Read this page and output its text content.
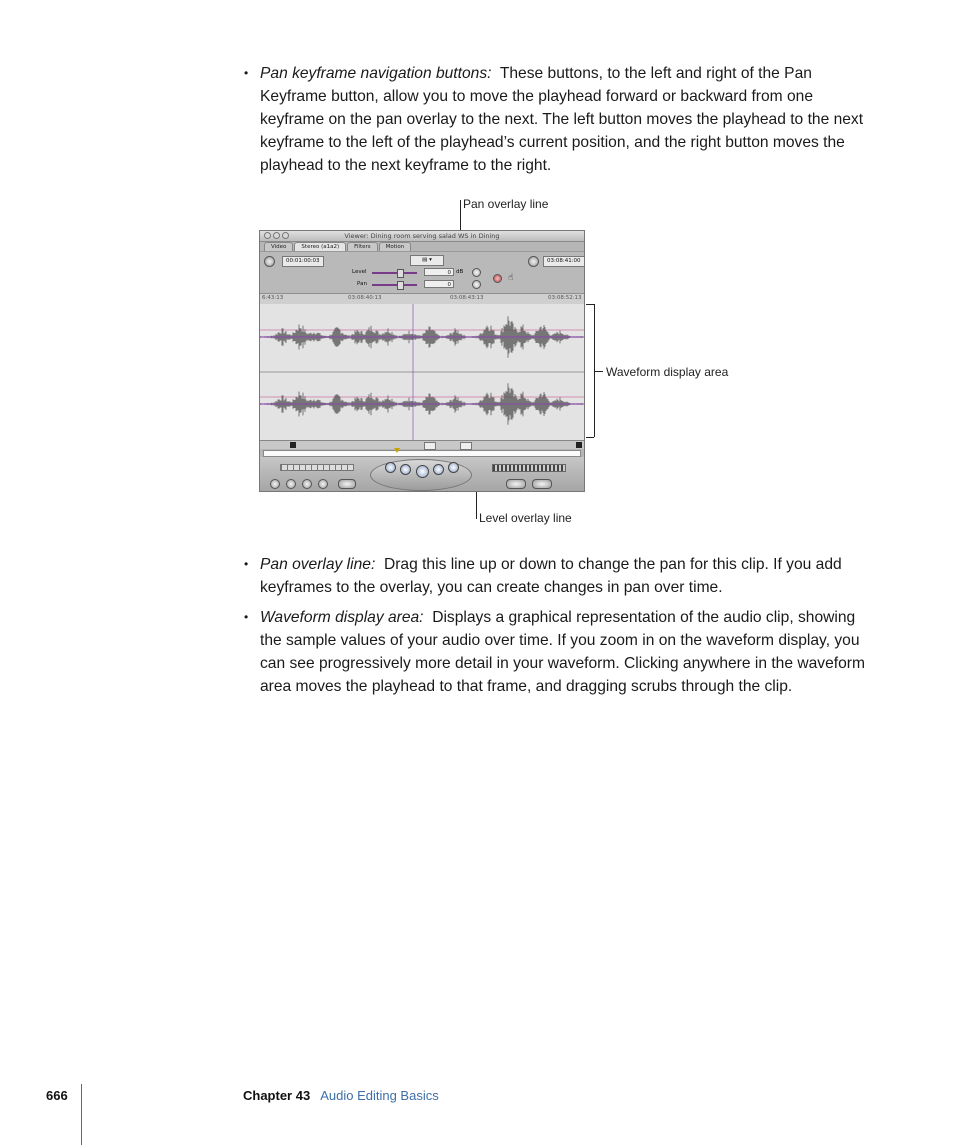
• Pan keyframe navigation buttons: These buttons, to the left and right of the Pan Keyframe button, allow you to move the playhead forward or backward from one keyframe on the pan overlay to the next. The left button moves the playhead to the next keyframe to the left of the playhead’s current position, and the right button moves the playhead to the next keyframe to the right.

Pan overlay line
Waveform display area
Level overlay line
Viewer: Dining room serving salad WS in Dining
Video	Stereo (a1a2)	Filters	Motion
00:01:00:03	▤ ▾	03:08:41:00
Level	0 dB
Pan	0
☝
6:43:13	03:08:40:13	03:08:43:13	03:08:52:13

• Pan overlay line: Drag this line up or down to change the pan for this clip. If you add keyframes to the overlay, you can create changes in pan over time.

• Waveform display area: Displays a graphical representation of the audio clip, showing the sample values of your audio over time. If you zoom in on the waveform display, you can see progressively more detail in your waveform. Clicking anywhere in the waveform area moves the playhead to that frame, and dragging scrubs through the clip.

666	Chapter 43 Audio Editing Basics
